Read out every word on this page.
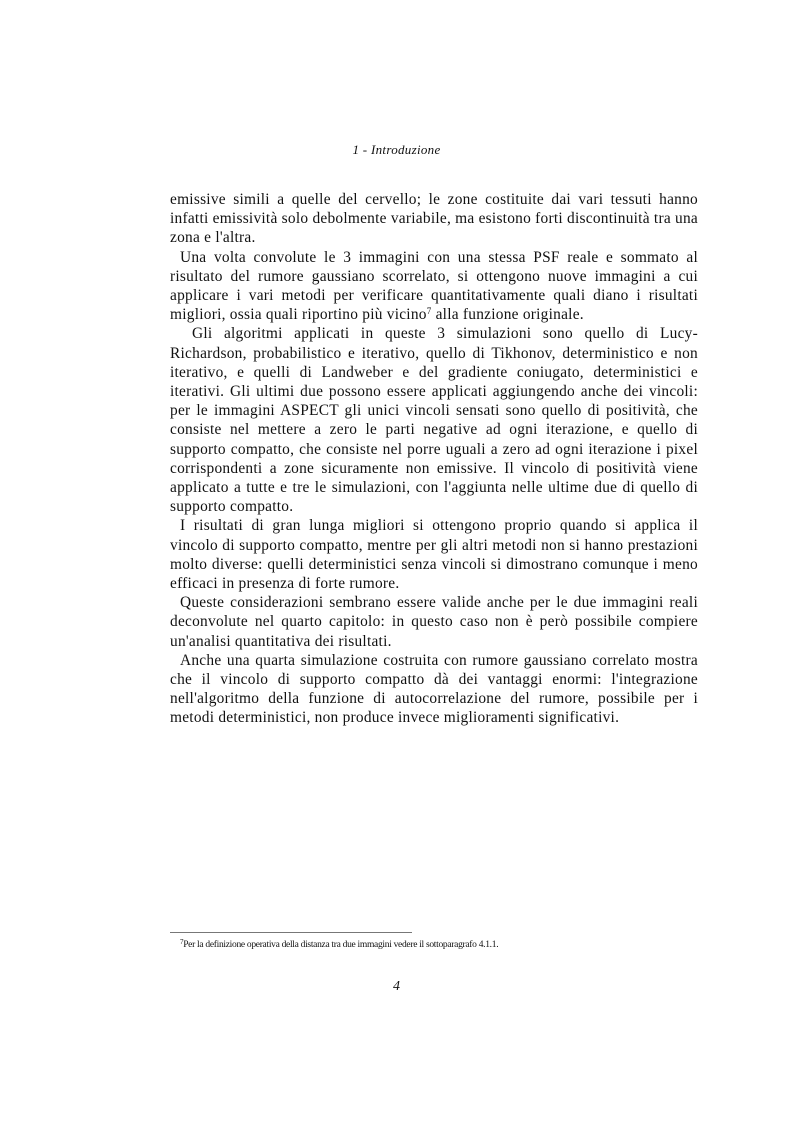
1 - Introduzione

emissive simili a quelle del cervello; le zone costituite dai vari tessuti hanno infatti emissività solo debolmente variabile, ma esistono forti discontinuità tra una zona e l'altra.

Una volta convolute le 3 immagini con una stessa PSF reale e sommato al risultato del rumore gaussiano scorrelato, si ottengono nuove immagini a cui applicare i vari metodi per verificare quantitativamente quali diano i risultati migliori, ossia quali riportino più vicino$^7$ alla funzione originale.

Gli algoritmi applicati in queste 3 simulazioni sono quello di Lucy-Richardson, probabilistico e iterativo, quello di Tikhonov, deterministico e non iterativo, e quelli di Landweber e del gradiente coniugato, deterministici e iterativi. Gli ultimi due possono essere applicati aggiungendo anche dei vincoli: per le immagini ASPECT gli unici vincoli sensati sono quello di positività, che consiste nel mettere a zero le parti negative ad ogni iterazione, e quello di supporto compatto, che consiste nel porre uguali a zero ad ogni iterazione i pixel corrispondenti a zone sicuramente non emissive. Il vincolo di positività viene applicato a tutte e tre le simulazioni, con l'aggiunta nelle ultime due di quello di supporto compatto.

I risultati di gran lunga migliori si ottengono proprio quando si applica il vincolo di supporto compatto, mentre per gli altri metodi non si hanno prestazioni molto diverse: quelli deterministici senza vincoli si dimostrano comunque i meno efficaci in presenza di forte rumore.

Queste considerazioni sembrano essere valide anche per le due immagini reali deconvolute nel quarto capitolo: in questo caso non è però possibile compiere un'analisi quantitativa dei risultati.

Anche una quarta simulazione costruita con rumore gaussiano correlato mostra che il vincolo di supporto compatto dà dei vantaggi enormi: l'integrazione nell'algoritmo della funzione di autocorrelazione del rumore, possibile per i metodi deterministici, non produce invece miglioramenti significativi.

$^7$Per la definizione operativa della distanza tra due immagini vedere il sottoparagrafo 4.1.1.
4
